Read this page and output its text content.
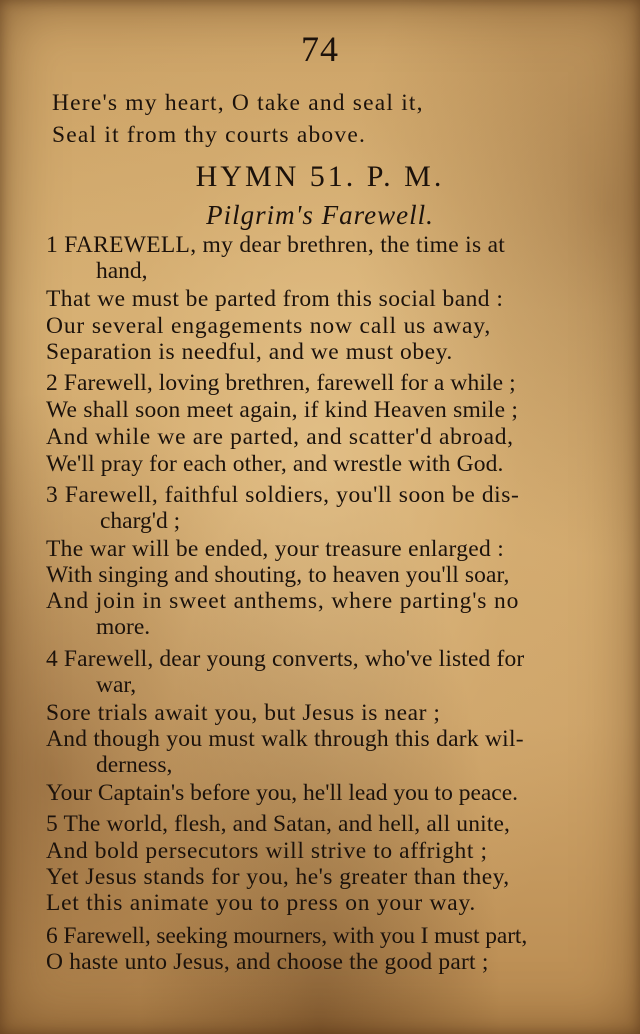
74
Here's my heart, O take and seal it,
Seal it from thy courts above.
HYMN 51. P. M.
Pilgrim's Farewell.
1 FAREWELL, my dear brethren, the time is at
hand,
That we must be parted from this social band :
Our several engagements now call us away,
Separation is needful, and we must obey.
2 Farewell, loving brethren, farewell for a while ;
We shall soon meet again, if kind Heaven smile ;
And while we are parted, and scatter'd abroad,
We'll pray for each other, and wrestle with God.
3 Farewell, faithful soldiers, you'll soon be dis-
charg'd ;
The war will be ended, your treasure enlarged :
With singing and shouting, to heaven you'll soar,
And join in sweet anthems, where parting's no
more.
4 Farewell, dear young converts, who've listed for
war,
Sore trials await you, but Jesus is near ;
And though you must walk through this dark wil-
derness,
Your Captain's before you, he'll lead you to peace.
5 The world, flesh, and Satan, and hell, all unite,
And bold persecutors will strive to affright ;
Yet Jesus stands for you, he's greater than they,
Let this animate you to press on your way.
6 Farewell, seeking mourners, with you I must part,
O haste unto Jesus, and choose the good part ;
